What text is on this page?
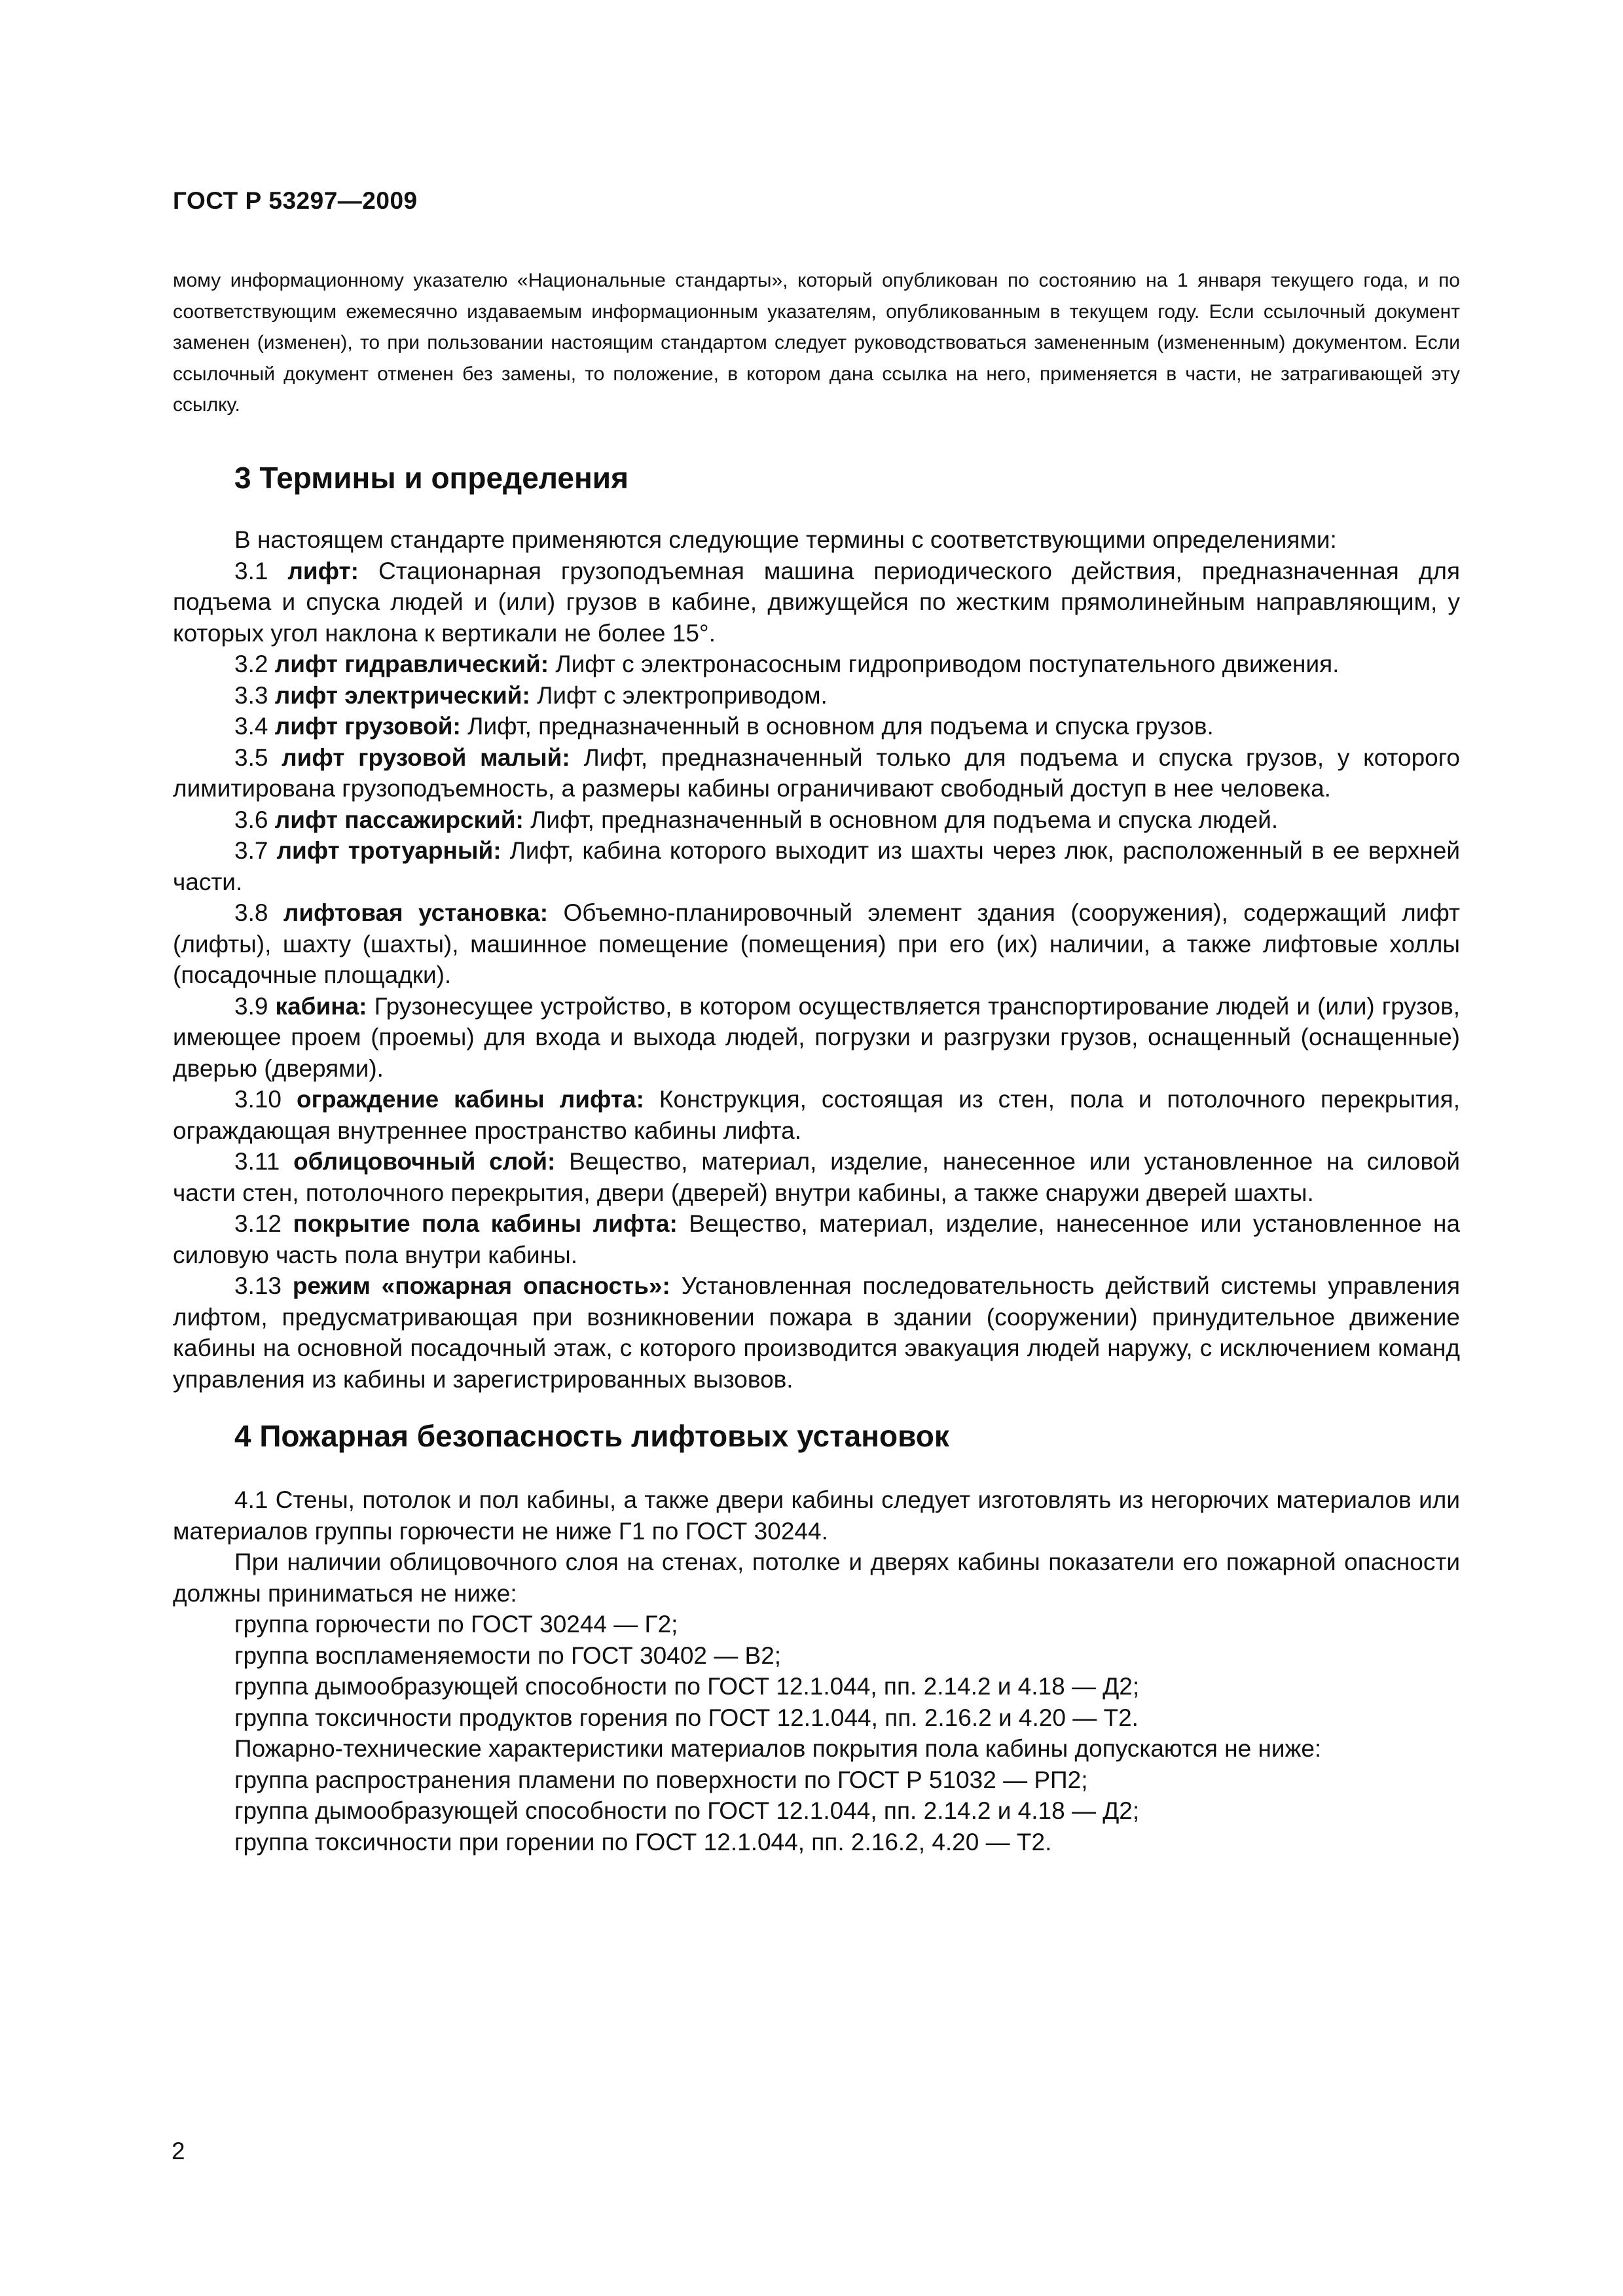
ГОСТ Р 53297—2009

мому информационному указателю «Национальные стандарты», который опубликован по состоянию на 1 января текущего года, и по соответствующим ежемесячно издаваемым информационным указателям, опубликованным в текущем году. Если ссылочный документ заменен (изменен), то при пользовании настоящим стандартом следует руководствоваться замененным (измененным) документом. Если ссылочный документ отменен без замены, то положение, в котором дана ссылка на него, применяется в части, не затрагивающей эту ссылку.

3 Термины и определения

В настоящем стандарте применяются следующие термины с соответствующими определениями:

3.1 лифт: Стационарная грузоподъемная машина периодического действия, предназначенная для подъема и спуска людей и (или) грузов в кабине, движущейся по жестким прямолинейным направляющим, у которых угол наклона к вертикали не более 15°.

3.2 лифт гидравлический: Лифт с электронасосным гидроприводом поступательного движения.

3.3 лифт электрический: Лифт с электроприводом.

3.4 лифт грузовой: Лифт, предназначенный в основном для подъема и спуска грузов.

3.5 лифт грузовой малый: Лифт, предназначенный только для подъема и спуска грузов, у которого лимитирована грузоподъемность, а размеры кабины ограничивают свободный доступ в нее человека.

3.6 лифт пассажирский: Лифт, предназначенный в основном для подъема и спуска людей.

3.7 лифт тротуарный: Лифт, кабина которого выходит из шахты через люк, расположенный в ее верхней части.

3.8 лифтовая установка: Объемно-планировочный элемент здания (сооружения), содержащий лифт (лифты), шахту (шахты), машинное помещение (помещения) при его (их) наличии, а также лифтовые холлы (посадочные площадки).

3.9 кабина: Грузонесущее устройство, в котором осуществляется транспортирование людей и (или) грузов, имеющее проем (проемы) для входа и выхода людей, погрузки и разгрузки грузов, оснащенный (оснащенные) дверью (дверями).

3.10 ограждение кабины лифта: Конструкция, состоящая из стен, пола и потолочного перекрытия, ограждающая внутреннее пространство кабины лифта.

3.11 облицовочный слой: Вещество, материал, изделие, нанесенное или установленное на силовой части стен, потолочного перекрытия, двери (дверей) внутри кабины, а также снаружи дверей шахты.

3.12 покрытие пола кабины лифта: Вещество, материал, изделие, нанесенное или установленное на силовую часть пола внутри кабины.

3.13 режим «пожарная опасность»: Установленная последовательность действий системы управления лифтом, предусматривающая при возникновении пожара в здании (сооружении) принудительное движение кабины на основной посадочный этаж, с которого производится эвакуация людей наружу, с исключением команд управления из кабины и зарегистрированных вызовов.

4 Пожарная безопасность лифтовых установок

4.1 Стены, потолок и пол кабины, а также двери кабины следует изготовлять из негорючих материалов или материалов группы горючести не ниже Г1 по ГОСТ 30244.

При наличии облицовочного слоя на стенах, потолке и дверях кабины показатели его пожарной опасности должны приниматься не ниже:

группа горючести по ГОСТ 30244 — Г2;

группа воспламеняемости по ГОСТ 30402 — В2;

группа дымообразующей способности по ГОСТ 12.1.044, пп. 2.14.2 и 4.18 — Д2;

группа токсичности продуктов горения по ГОСТ 12.1.044, пп. 2.16.2 и 4.20 — Т2.

Пожарно-технические характеристики материалов покрытия пола кабины допускаются не ниже:

группа распространения пламени по поверхности по ГОСТ Р 51032 — РП2;

группа дымообразующей способности по ГОСТ 12.1.044, пп. 2.14.2 и 4.18 — Д2;

группа токсичности при горении по ГОСТ 12.1.044, пп. 2.16.2, 4.20 — Т2.

2
